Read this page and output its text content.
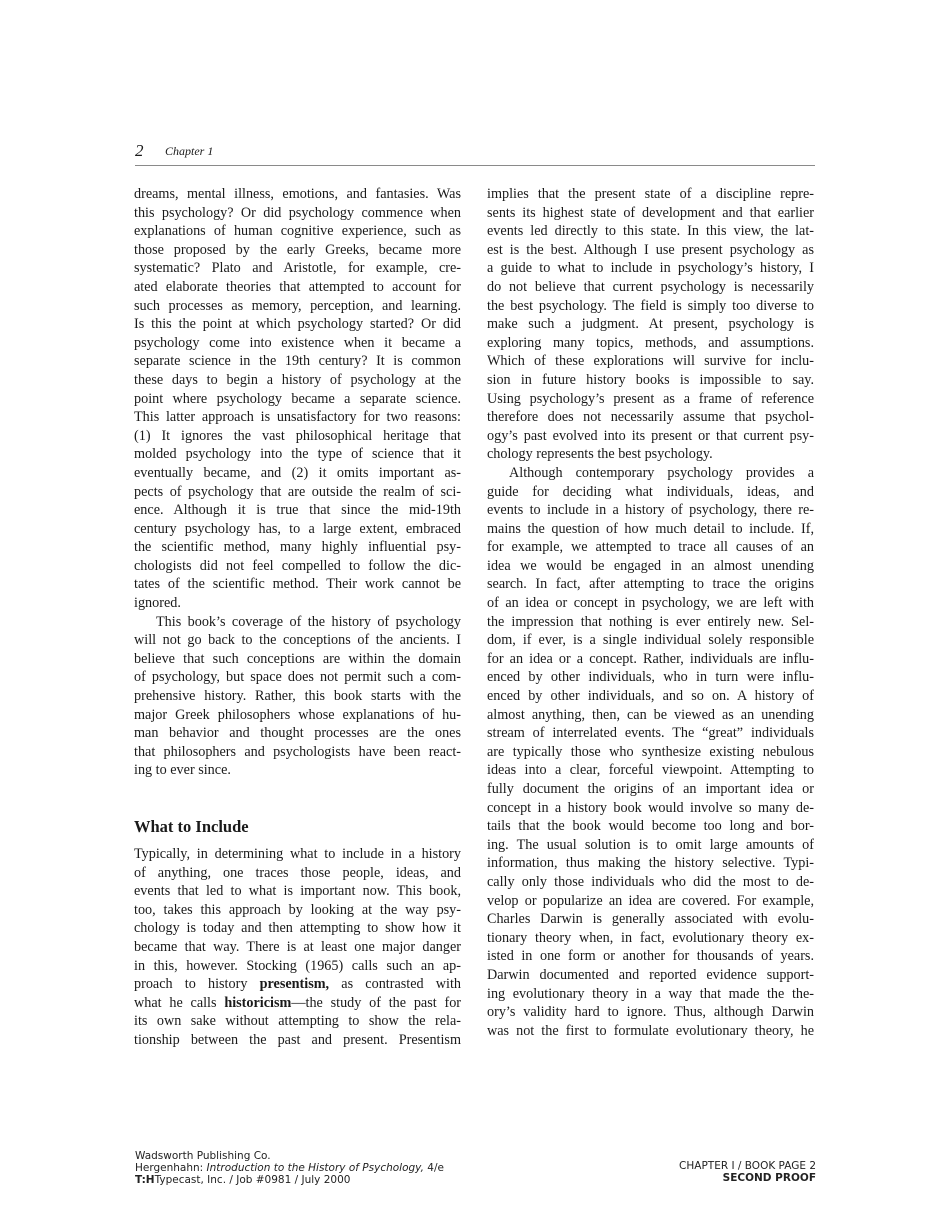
2 Chapter 1
dreams, mental illness, emotions, and fantasies. Was
this psychology? Or did psychology commence when
explanations of human cognitive experience, such as
those proposed by the early Greeks, became more
systematic? Plato and Aristotle, for example, cre-
ated elaborate theories that attempted to account for
such processes as memory, perception, and learning.
Is this the point at which psychology started? Or did
psychology come into existence when it became a
separate science in the 19th century? It is common
these days to begin a history of psychology at the
point where psychology became a separate science.
This latter approach is unsatisfactory for two reasons:
(1) It ignores the vast philosophical heritage that
molded psychology into the type of science that it
eventually became, and (2) it omits important as-
pects of psychology that are outside the realm of sci-
ence. Although it is true that since the mid-19th
century psychology has, to a large extent, embraced
the scientific method, many highly influential psy-
chologists did not feel compelled to follow the dic-
tates of the scientific method. Their work cannot be
ignored.
This book’s coverage of the history of psychology
will not go back to the conceptions of the ancients. I
believe that such conceptions are within the domain
of psychology, but space does not permit such a com-
prehensive history. Rather, this book starts with the
major Greek philosophers whose explanations of hu-
man behavior and thought processes are the ones
that philosophers and psychologists have been react-
ing to ever since.
What to Include
Typically, in determining what to include in a history
of anything, one traces those people, ideas, and
events that led to what is important now. This book,
too, takes this approach by looking at the way psy-
chology is today and then attempting to show how it
became that way. There is at least one major danger
in this, however. Stocking (1965) calls such an ap-
proach to history presentism, as contrasted with
what he calls historicism—the study of the past for
its own sake without attempting to show the rela-
tionship between the past and present. Presentism
implies that the present state of a discipline repre-
sents its highest state of development and that earlier
events led directly to this state. In this view, the lat-
est is the best. Although I use present psychology as
a guide to what to include in psychology’s history, I
do not believe that current psychology is necessarily
the best psychology. The field is simply too diverse to
make such a judgment. At present, psychology is
exploring many topics, methods, and assumptions.
Which of these explorations will survive for inclu-
sion in future history books is impossible to say.
Using psychology’s present as a frame of reference
therefore does not necessarily assume that psychol-
ogy’s past evolved into its present or that current psy-
chology represents the best psychology.
Although contemporary psychology provides a
guide for deciding what individuals, ideas, and
events to include in a history of psychology, there re-
mains the question of how much detail to include. If,
for example, we attempted to trace all causes of an
idea we would be engaged in an almost unending
search. In fact, after attempting to trace the origins
of an idea or concept in psychology, we are left with
the impression that nothing is ever entirely new. Sel-
dom, if ever, is a single individual solely responsible
for an idea or a concept. Rather, individuals are influ-
enced by other individuals, who in turn were influ-
enced by other individuals, and so on. A history of
almost anything, then, can be viewed as an unending
stream of interrelated events. The “great” individuals
are typically those who synthesize existing nebulous
ideas into a clear, forceful viewpoint. Attempting to
fully document the origins of an important idea or
concept in a history book would involve so many de-
tails that the book would become too long and bor-
ing. The usual solution is to omit large amounts of
information, thus making the history selective. Typi-
cally only those individuals who did the most to de-
velop or popularize an idea are covered. For example,
Charles Darwin is generally associated with evolu-
tionary theory when, in fact, evolutionary theory ex-
isted in one form or another for thousands of years.
Darwin documented and reported evidence support-
ing evolutionary theory in a way that made the the-
ory’s validity hard to ignore. Thus, although Darwin
was not the first to formulate evolutionary theory, he
Wadsworth Publishing Co.
Hergenhahn: Introduction to the History of Psychology, 4/e
T:HTypecast, Inc. / Job #0981 / July 2000
CHAPTER I / BOOK PAGE 2
SECOND PROOF
